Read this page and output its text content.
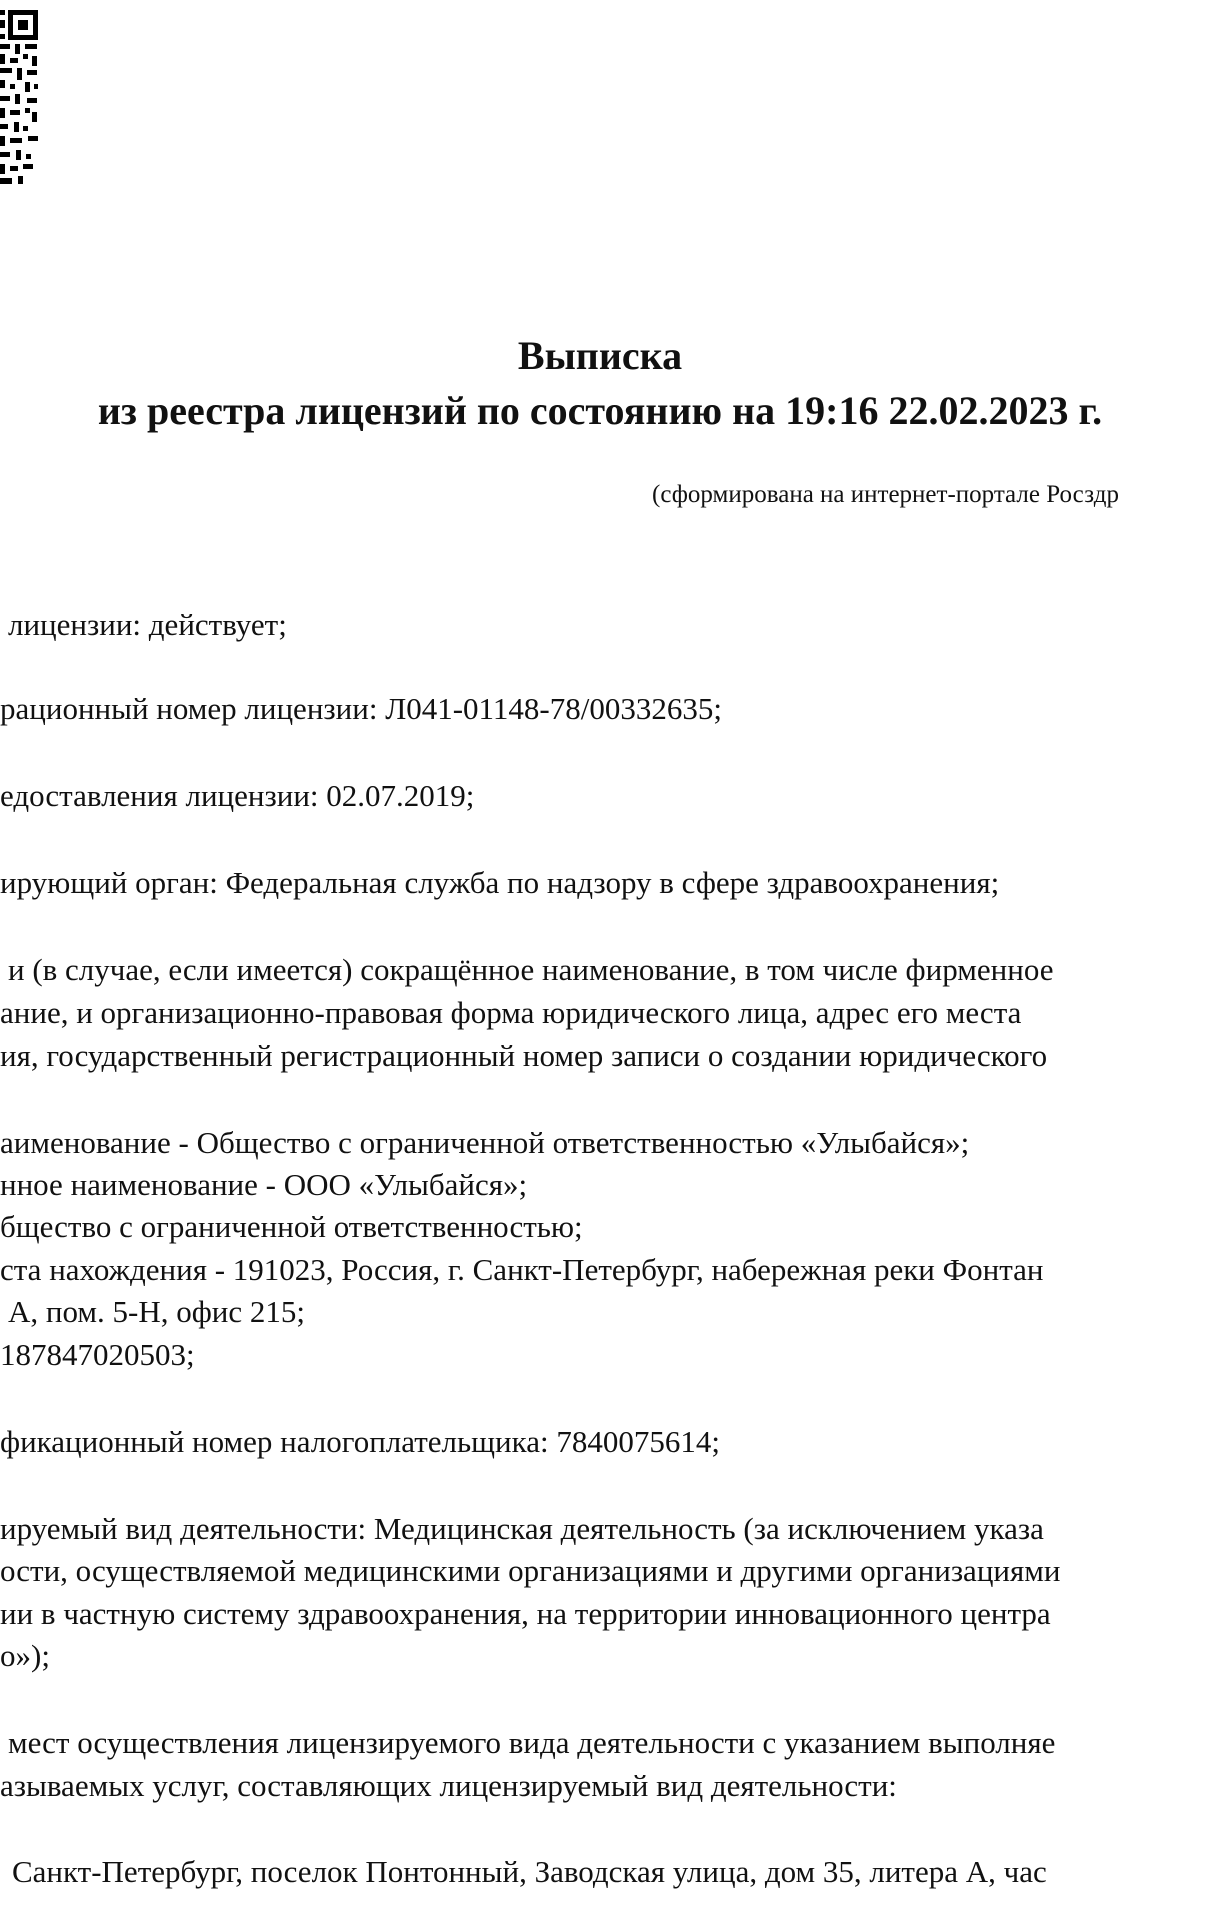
Выписка
из реестра лицензий по состоянию на 19:16 22.02.2023 г.
(сформирована на интернет-портале Росздр
лицензии: действует;
рационный номер лицензии: Л041-01148-78/00332635;
едоставления лицензии: 02.07.2019;
ирующий орган: Федеральная служба по надзору в сфере здравоохранения;
и (в случае, если имеется) сокращённое наименование, в том числе фирменное
ание, и организационно-правовая форма юридического лица, адрес его места
ия, государственный регистрационный номер записи о создании юридического
аименование - Общество с ограниченной ответственностью «Улыбайся»;
нное наименование - ООО «Улыбайся»;
бщество с ограниченной ответственностью;
ста нахождения - 191023, Россия, г. Санкт-Петербург, набережная реки Фонтан
А, пом. 5-Н, офис 215;
187847020503;
фикационный номер налогоплательщика: 7840075614;
ируемый вид деятельности: Медицинская деятельность (за исключением указа
ости, осуществляемой медицинскими организациями и другими организациями
ии в частную систему здравоохранения, на территории инновационного центра
о»);
мест осуществления лицензируемого вида деятельности с указанием выполняе
азываемых услуг, составляющих лицензируемый вид деятельности:
Санкт-Петербург, поселок Понтонный, Заводская улица, дом 35, литера А, час
